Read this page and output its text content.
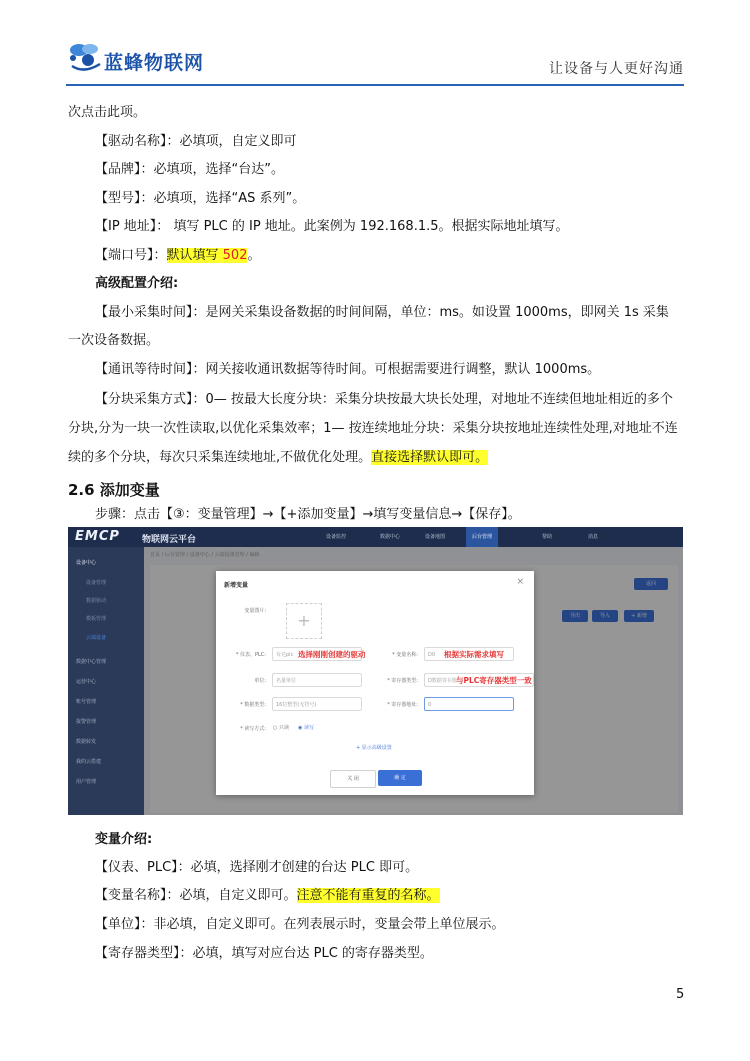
蓝蜂物联网	让设备与人更好沟通
次点击此项。
【驱动名称】：必填项，自定义即可
【品牌】：必填项，选择“台达”。
【型号】：必填项，选择“AS 系列”。
【IP 地址】： 填写 PLC 的 IP 地址。此案例为 192.168.1.5。根据实际地址填写。
【端口号】：默认填写 502。
高级配置介绍:
【最小采集时间】：是网关采集设备数据的时间间隔，单位：ms。如设置 1000ms，即网关 1s 采集
一次设备数据。
【通讯等待时间】：网关接收通讯数据等待时间。可根据需要进行调整，默认 1000ms。
【分块采集方式】：0— 按最大长度分块：采集分块按最大块长处理，对地址不连续但地址相近的多个
分块,分为一块一次性读取,以优化采集效率；1— 按连续地址分块：采集分块按地址连续性处理,对地址不连
续的多个分块，每次只采集连续地址,不做优化处理。直接选择默认即可。
2.6 添加变量
步骤：点击【③：变量管理】→【+添加变量】→填写变量信息→【保存】。
EMCP 物联网云平台	设备监控	数据中心	设备地图	后台管理	帮助	消息
设备中心
设备管理
数据驱动
模板管理
云端设备
数据中心管理
运营中心
账号管理
报警管理
数据转发
我的云搭建
用户管理
首页 / 后台管理 / 设备中心 / 云端设备管理 / 编辑
导出	导入	+ 新增
返回
新增变量	×
变量图片:	+
* 仪表、PLC:	台达plc 选择刚刚创建的驱动	* 变量名称:	D0	根据实际需求填写
单位:	名量单位	* 寄存器类型:	D数据寄存器 与PLC寄存器类型一致
* 数据类型:	16位整型(无符号)	* 寄存器地址:	0
* 读写方式: ○ 只读 ◉ 读写
+ 显示高级设置
关 闭	确 定
变量介绍:
【仪表、PLC】：必填，选择刚才创建的台达 PLC 即可。
【变量名称】：必填，自定义即可。注意不能有重复的名称。
【单位】：非必填，自定义即可。在列表展示时，变量会带上单位展示。
【寄存器类型】：必填，填写对应台达 PLC 的寄存器类型。
5
